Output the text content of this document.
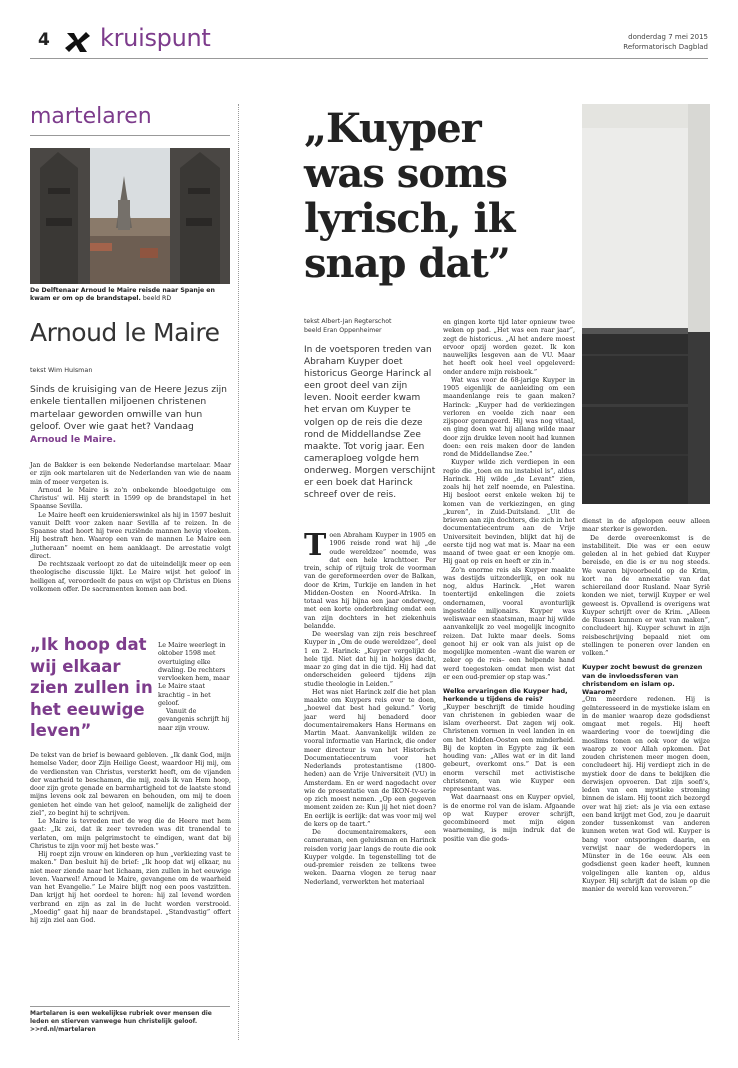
4 kruispunt	donderdag 7 mei 2015
Reformatorisch Dagblad
martelaren
De Delftenaar Arnoud le Maire reisde naar Spanje en kwam er om op de brandstapel. beeld RD
Arnoud le Maire
tekst Wim Hulsman
Sinds de kruisiging van de Heere Jezus zijn enkele tientallen miljoenen christenen martelaar geworden omwille van hun geloof. Over wie gaat het? Vandaag Arnoud le Maire.

Jan de Bakker is een bekende Nederlandse martelaar. Maar er zijn ook martelaren uit de Nederlanden van wie de naam min of meer vergeten is.

Arnoud le Maire is zo'n onbekende bloedgetuige om Christus' wil. Hij sterft in 1599 op de brandstapel in het Spaanse Sevilla.

Le Maire heeft een kruidenierswinkel als hij in 1597 besluit vanuit Delft voor zaken naar Sevilla af te reizen. In de Spaanse stad hoort hij twee ruziënde mannen hevig vloeken. Hij bestraft hen. Waarop een van de mannen Le Maire een „lutheraan” noemt en hem aanklaagt. De arrestatie volgt direct.

De rechtszaak verloopt zo dat de uiteindelijk meer op een theologische discussie lijkt. Le Maire wijst het geloof in heiligen af, veroordeelt de paus en wijst op Christus en Diens volkomen offer. De sacramenten komen aan bod.

„Ik hoop dat wij elkaar zien zullen in het eeuwige leven”

Le Maire weerlegt in oktober 1598 met overtuiging elke dwaling. De rechters vervloeken hem, maar Le Maire staat krachtig – in het geloof.

Vanuit de gevangenis schrijft hij naar zijn vrouw.

De tekst van de brief is bewaard gebleven. „Ik dank God, mijn hemelse Vader, door Zijn Heilige Geest, waardoor Hij mij, om de verdiensten van Christus, versterkt heeft, om de vijanden der waarheid te beschamen, die mij, zoals ik van Hem hoop, door zijn grote genade en barmhartigheid tot de laatste stond mijns levens ook zal bewaren en behouden, om mij te doen genieten het einde van het geloof, namelijk de zaligheid der ziel”, zo begint hij te schrijven.

Le Maire is tevreden met de weg die de Heere met hem gaat: „Ik zei, dat ik zeer tevreden was dit tranendal te verlaten, om mijn pelgrimstocht te eindigen, want dat bij Christus te zijn voor mij het beste was.”

Hij roept zijn vrouw en kinderen op hun „verkiezing vast te maken.” Dan besluit hij de brief: „Ik hoop dat wij elkaar, nu niet meer ziende naar het lichaam, zien zullen in het eeuwige leven. Vaarwel! Arnoud le Maire, gevangene om de waarheid van het Evangelie.” Le Maire blijft nog een poos vastzitten. Dan krijgt hij het oordeel te horen: hij zal levend worden verbrand en zijn as zal in de lucht worden verstrooid. „Moedig” gaat hij naar de brandstapel. „Standvastig” offert hij zijn ziel aan God.

Martelaren is een wekelijkse rubriek over mensen die leden en stierven vanwege hun christelijk geloof.
>>rd.nl/martelaren
„Kuyper
was soms
lyrisch, ik
snap dat”
tekst Albert-Jan Regterschot
beeld Eran Oppenheimer
In de voetsporen treden van Abraham Kuyper doet historicus George Harinck al een groot deel van zijn leven. Nooit eerder kwam het ervan om Kuyper te volgen op de reis die deze rond de Middellandse Zee maakte. Tot vorig jaar. Een cameraploeg volgde hem onderweg. Morgen verschijnt er een boek dat Harinck schreef over de reis.

Toen Abraham Kuyper in 1905 en 1906 reisde rond wat hij „de oude wereldzee” noemde, was dat een hele krachttoer. Per trein, schip of rijtuig trok de voorman van de gereformeerden over de Balkan, door de Krim, Turkije en landen in het Midden-Oosten en Noord-Afrika. In totaal was hij bijna een jaar onderweg, met een korte onderbreking omdat een van zijn dochters in het ziekenhuis belandde.

De weerslag van zijn reis beschreef Kuyper in „Om de oude wereldzee”, deel 1 en 2. Harinck: „Kuyper vergelijkt de hele tijd. Niet dat hij in hokjes dacht, maar zo ging dat in die tijd. Hij had dat onderscheiden geleerd tijdens zijn studie theologie in Leiden.”

Het was niet Harinck zelf die het plan maakte om Kuypers reis over te doen, „hoewel dat best had gekund.” Vorig jaar werd hij benaderd door documentairemakers Hans Hermans en Martin Maat. Aanvankelijk wilden ze vooral informatie van Harinck, die onder meer directeur is van het Historisch Documentatiecentrum voor het Nederlands protestantisme (1800-heden) aan de Vrije Universiteit (VU) in Amsterdam. En er werd nagedacht over wie de presentatie van de IKON-tv-serie op zich moest nemen. „Op een gegeven moment zeiden ze: Kun jij het niet doen? En eerlijk is eerlijk: dat was voor mij wel de kers op de taart.”

De documentairemakers, een cameraman, een geluidsman en Harinck reisden vorig jaar langs de route die ook Kuyper volgde. In tegenstelling tot de oud-premier reisden ze telkens twee weken. Daarna vlogen ze terug naar Nederland, verwerkten het materiaal

en gingen korte tijd later opnieuw twee weken op pad. „Het was een raar jaar”, zegt de historicus. „Al het andere moest ervoor opzij worden gezet. Ik kon nauwelijks lesgeven aan de VU. Maar het heeft ook heel veel opgeleverd: onder andere mijn reisboek.”

Wat was voor de 68-jarige Kuyper in 1905 eigenlijk de aanleiding om een maandenlange reis te gaan maken? Harinck: „Kuyper had de verkiezingen verloren en voelde zich naar een zijspoor gerangeerd. Hij was nog vitaal, en ging doen wat hij allang wilde maar door zijn drukke leven nooit had kunnen doen: een reis maken door de landen rond de Middellandse Zee.”

Kuyper wilde zich verdiepen in een regio die „toen en nu instabiel is”, aldus Harinck. Hij wilde „de Levant” zien, zoals hij het zelf noemde, en Palestina. Hij besloot eerst enkele weken bij te komen van de verkiezingen, en ging „kuren”, in Zuid-Duitsland. „Uit de brieven aan zijn dochters, die zich in het documentatiecentrum aan de Vrije Universiteit bevinden, blijkt dat hij de eerste tijd nog wat mat is. Maar na een maand of twee gaat er een knopje om. Hij gaat op reis en heeft er zin in.”

Zo'n enorme reis als Kuyper maakte was destijds uitzonderlijk, en ook nu nog, aldus Harinck. „Het waren toentertijd enkelingen die zoiets ondernamen, vooral avonturlijk ingestelde miljonairs. Kuyper was weliswaar een staatsman, maar hij wilde aanvankelijk zo veel mogelijk incognito reizen. Dat lukte maar deels. Soms genoot hij er ook van als juist op de mogelijke momenten –want die waren er zeker op de reis– een helpende hand werd toegestoken omdat men wist dat er een oud-premier op stap was.”

Welke ervaringen die Kuyper had, herkende u tijdens de reis?

„Kuyper beschrijft de timide houding van christenen in gebieden waar de islam overheerst. Dat zagen wij ook. Christenen vormen in veel landen in en om het Midden-Oosten een minderheid. Bij de kopten in Egypte zag ik een houding van: „Alles wat er in dit land gebeurt, overkomt ons.” Dat is een enorm verschil met activistische christenen, van wie Kuyper een representant was.

Wat daarnaast ons en Kuyper opviel, is de enorme rol van de islam. Afgaande op wat Kuyper erover schrijft, gecombineerd met mijn eigen waarneming, is mijn indruk dat de positie van die gods-

dienst in de afgelopen eeuw alleen maar sterker is geworden.

De derde overeenkomst is de instabiliteit. Die was er een eeuw geleden al in het gebied dat Kuyper bereisde, en die is er nu nog steeds. We waren bijvoorbeeld op de Krim, kort na de annexatie van dat schiereiland door Rusland. Naar Syrië konden we niet, terwijl Kuyper er wel geweest is. Opvallend is overigens wat Kuyper schrijft over de Krim. „Alleen de Russen kunnen er wat van maken”, concludeert hij. Kuyper schuwt in zijn reisbeschrijving bepaald niet om stellingen te poneren over landen en volken.”

Kuyper zocht bewust de grenzen van de invloedssferen van christendom en islam op. Waarom?

„Om meerdere redenen. Hij is geïnteresseerd in de mystieke islam en in de manier waarop deze godsdienst omgaat met regels. Hij heeft waardering voor de toewijding die moslims tonen en ook voor de wijze waarop ze voor Allah opkomen. Dat zouden christenen meer mogen doen, concludeert hij. Hij verdiept zich in de mystiek door de dans te bekijken die derwisjen opvoeren. Dat zijn soefi's, leden van een mystieke stroming binnen de islam. Hij toont zich bezorgd over wat hij ziet: als je via een extase een band krijgt met God, zou je daaruit zonder tussenkomst van anderen kunnen weten wat God wil. Kuyper is bang voor ontsporingen daarin, en verwijst naar de wederdopers in Münster in de 16e eeuw. Als een godsdienst geen kader heeft, kunnen volgelingen alle kanten op, aldus Kuyper. Hij schrijft dat de islam op die manier de wereld kan veroveren.”
